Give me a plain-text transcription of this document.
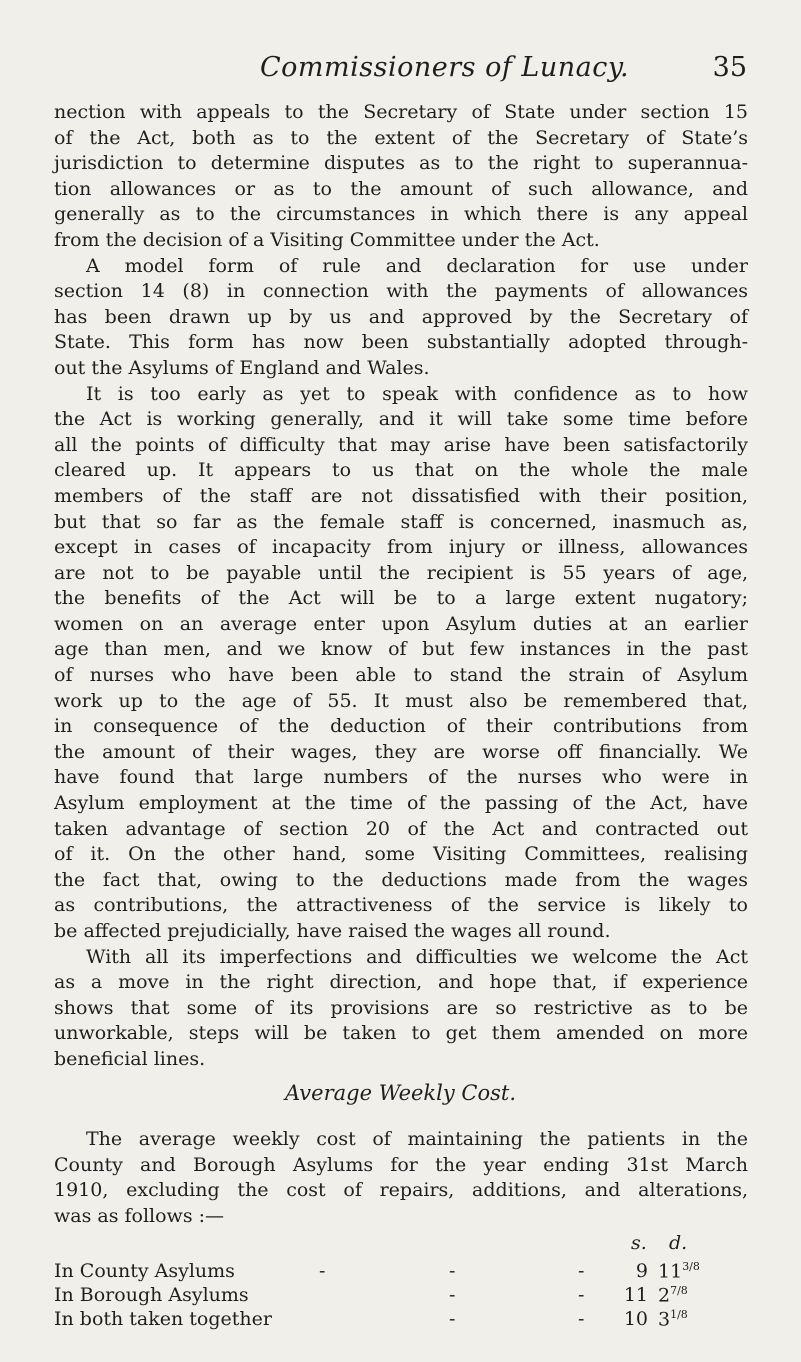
Commissioners of Lunacy.	35
nection with appeals to the Secretary of State under section 15
of the Act, both as to the extent of the Secretary of State’s
jurisdiction to determine disputes as to the right to superannua-
tion allowances or as to the amount of such allowance, and
generally as to the circumstances in which there is any appeal
from the decision of a Visiting Committee under the Act.
A model form of rule and declaration for use under
section 14 (8) in connection with the payments of allowances
has been drawn up by us and approved by the Secretary of
State. This form has now been substantially adopted through-
out the Asylums of England and Wales.
It is too early as yet to speak with confidence as to how
the Act is working generally, and it will take some time before
all the points of difficulty that may arise have been satisfactorily
cleared up. It appears to us that on the whole the male
members of the staff are not dissatisfied with their position,
but that so far as the female staff is concerned, inasmuch as,
except in cases of incapacity from injury or illness, allowances
are not to be payable until the recipient is 55 years of age,
the benefits of the Act will be to a large extent nugatory;
women on an average enter upon Asylum duties at an earlier
age than men, and we know of but few instances in the past
of nurses who have been able to stand the strain of Asylum
work up to the age of 55. It must also be remembered that,
in consequence of the deduction of their contributions from
the amount of their wages, they are worse off financially. We
have found that large numbers of the nurses who were in
Asylum employment at the time of the passing of the Act, have
taken advantage of section 20 of the Act and contracted out
of it. On the other hand, some Visiting Committees, realising
the fact that, owing to the deductions made from the wages
as contributions, the attractiveness of the service is likely to
be affected prejudicially, have raised the wages all round.
With all its imperfections and difficulties we welcome the Act
as a move in the right direction, and hope that, if experience
shows that some of its provisions are so restrictive as to be
unworkable, steps will be taken to get them amended on more
beneficial lines.
Average Weekly Cost.
The average weekly cost of maintaining the patients in the
County and Borough Asylums for the year ending 31st March
1910, excluding the cost of repairs, additions, and alterations,
was as follows :—
s. d.
In County Asylums	-	-	-	9 $11^{3/8}$
In Borough Asylums	-	-	11 $2^{7/8}$
In both taken together	-	-	10 $3^{1/8}$
